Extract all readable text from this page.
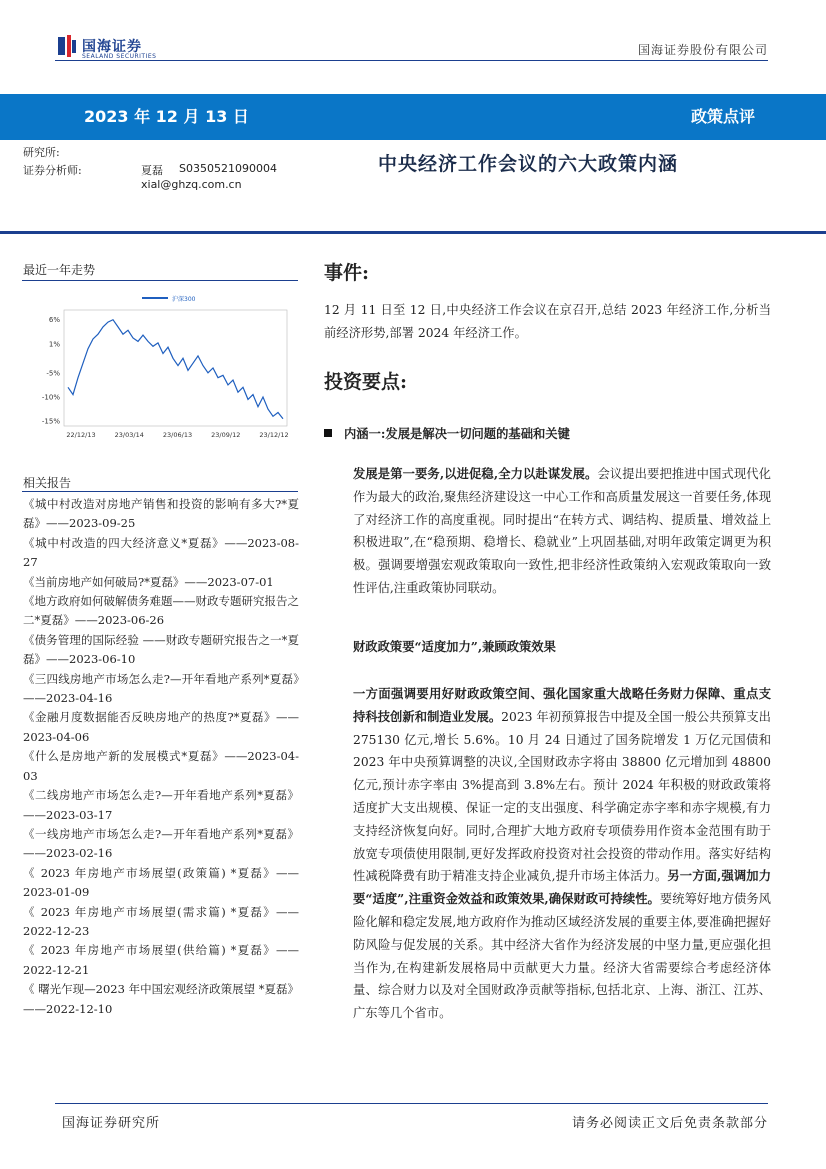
国海证券
SEALAND SECURITIES	国海证券股份有限公司
2023 年 12 月 13 日	政策点评
研究所:
证券分析师:	夏磊 S0350521090004
xial@ghzq.com.cn
中央经济工作会议的六大政策内涵
最近一年走势
沪深300
6%
1%
-5%
-10%
-15%
22/12/13	23/03/14	23/06/13	23/09/12	23/12/12
相关报告
《城中村改造对房地产销售和投资的影响有多大?*夏磊》——2023-09-25
《城中村改造的四大经济意义*夏磊》——2023-08-27
《当前房地产如何破局?*夏磊》——2023-07-01
《地方政府如何破解债务难题——财政专题研究报告之二*夏磊》——2023-06-26
《债务管理的国际经验 ——财政专题研究报告之一*夏磊》——2023-06-10
《三四线房地产市场怎么走?—开年看地产系列*夏磊》——2023-04-16
《金融月度数据能否反映房地产的热度?*夏磊》——2023-04-06
《什么是房地产新的发展模式*夏磊》——2023-04-03
《二线房地产市场怎么走?—开年看地产系列*夏磊》——2023-03-17
《一线房地产市场怎么走?—开年看地产系列*夏磊》——2023-02-16
《 2023 年房地产市场展望(政策篇) *夏磊》——2023-01-09
《 2023 年房地产市场展望(需求篇) *夏磊》——2022-12-23
《 2023 年房地产市场展望(供给篇) *夏磊》——2022-12-21
《 曙光乍现—2023 年中国宏观经济政策展望 *夏磊》——2022-12-10
事件:
12 月 11 日至 12 日,中央经济工作会议在京召开,总结 2023 年经济工作,分析当前经济形势,部署 2024 年经济工作。
投资要点:
内涵一:发展是解决一切问题的基础和关键
发展是第一要务,以进促稳,全力以赴谋发展。会议提出要把推进中国式现代化作为最大的政治,聚焦经济建设这一中心工作和高质量发展这一首要任务,体现了对经济工作的高度重视。同时提出“在转方式、调结构、提质量、增效益上积极进取”,在“稳预期、稳增长、稳就业”上巩固基础,对明年政策定调更为积极。强调要增强宏观政策取向一致性,把非经济性政策纳入宏观政策取向一致性评估,注重政策协同联动。
财政政策要“适度加力”,兼顾政策效果
一方面强调要用好财政政策空间、强化国家重大战略任务财力保障、重点支持科技创新和制造业发展。2023 年初预算报告中提及全国一般公共预算支出 275130 亿元,增长 5.6%。10 月 24 日通过了国务院增发 1 万亿元国债和 2023 年中央预算调整的决议,全国财政赤字将由 38800 亿元增加到 48800 亿元,预计赤字率由 3%提高到 3.8%左右。预计 2024 年积极的财政政策将适度扩大支出规模、保证一定的支出强度、科学确定赤字率和赤字规模,有力支持经济恢复向好。同时,合理扩大地方政府专项债券用作资本金范围有助于放宽专项债使用限制,更好发挥政府投资对社会投资的带动作用。落实好结构性减税降费有助于精准支持企业减负,提升市场主体活力。另一方面,强调加力要“适度”,注重资金效益和政策效果,确保财政可持续性。要统筹好地方债务风险化解和稳定发展,地方政府作为推动区域经济发展的重要主体,要准确把握好防风险与促发展的关系。其中经济大省作为经济发展的中坚力量,更应强化担当作为,在构建新发展格局中贡献更大力量。经济大省需要综合考虑经济体量、综合财力以及对全国财政净贡献等指标,包括北京、上海、浙江、江苏、广东等几个省市。
国海证券研究所	请务必阅读正文后免责条款部分
